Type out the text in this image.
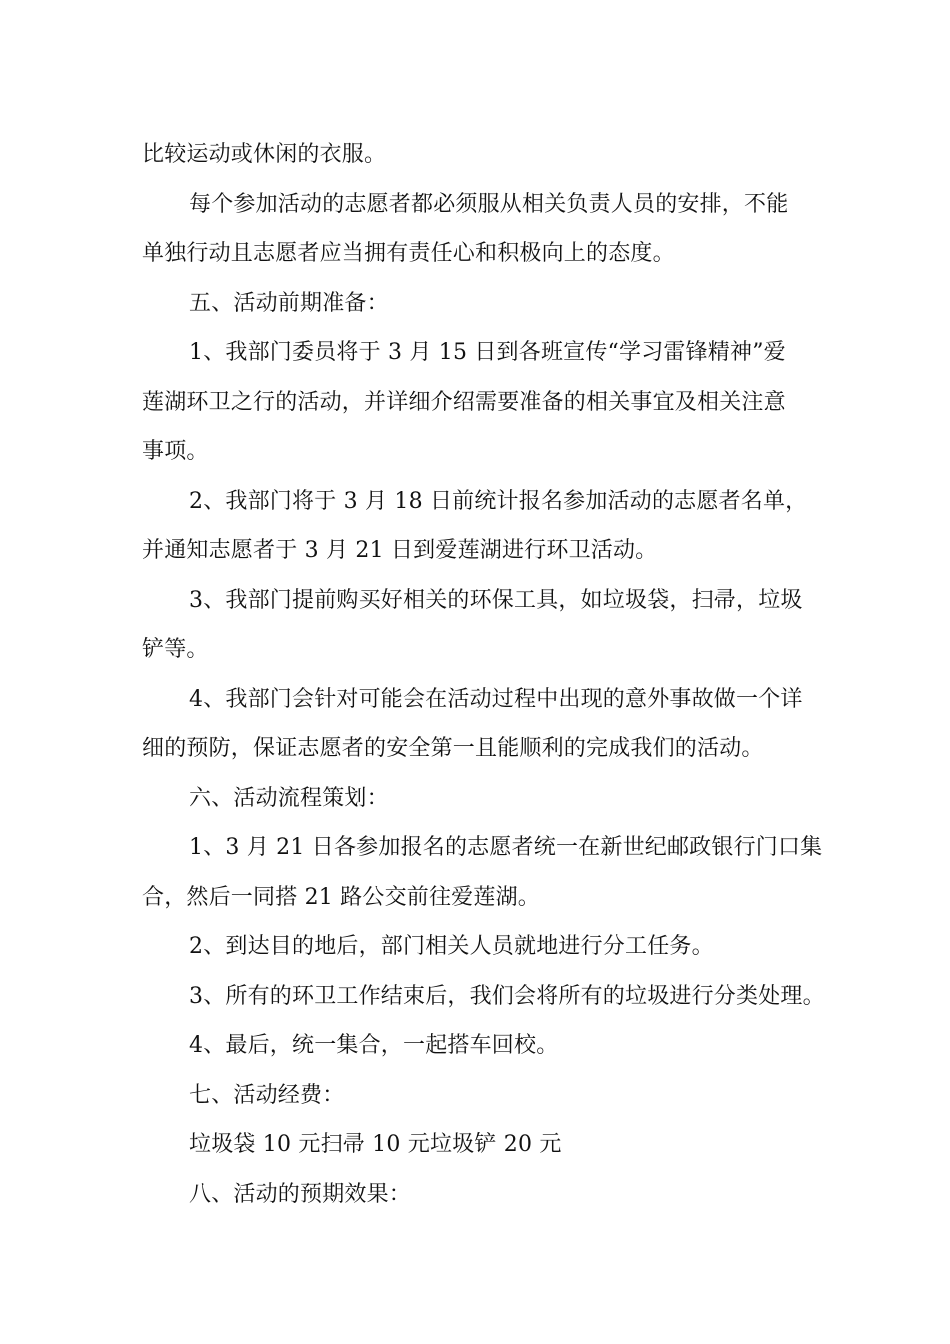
比较运动或休闲的衣服。
每个参加活动的志愿者都必须服从相关负责人员的安排，不能
单独行动且志愿者应当拥有责任心和积极向上的态度。
五、活动前期准备：
1、我部门委员将于 3 月 15 日到各班宣传“学习雷锋精神”爱
莲湖环卫之行的活动，并详细介绍需要准备的相关事宜及相关注意
事项。
2、我部门将于 3 月 18 日前统计报名参加活动的志愿者名单，
并通知志愿者于 3 月 21 日到爱莲湖进行环卫活动。
3、我部门提前购买好相关的环保工具，如垃圾袋，扫帚，垃圾
铲等。
4、我部门会针对可能会在活动过程中出现的意外事故做一个详
细的预防，保证志愿者的安全第一且能顺利的完成我们的活动。
六、活动流程策划：
1、3 月 21 日各参加报名的志愿者统一在新世纪邮政银行门口集
合，然后一同搭 21 路公交前往爱莲湖。
2、到达目的地后，部门相关人员就地进行分工任务。
3、所有的环卫工作结束后，我们会将所有的垃圾进行分类处理。
4、最后，统一集合，一起搭车回校。
七、活动经费：
垃圾袋 10 元扫帚 10 元垃圾铲 20 元
八、活动的预期效果：
